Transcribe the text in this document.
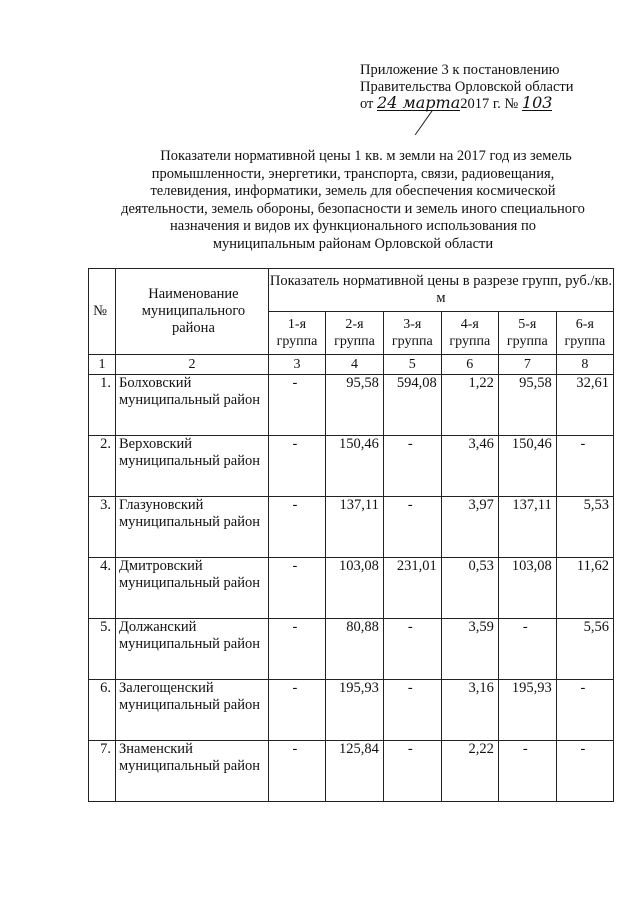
Приложение 3 к постановлению
Правительства Орловской области
от 24 марта2017 г. № 103
Показатели нормативной цены 1 кв. м земли на 2017 год из земель промышленности, энергетики, транспорта, связи, радиовещания, телевидения, информатики, земель для обеспечения космической деятельности, земель обороны, безопасности и земель иного специального назначения и видов их функционального использования по муниципальным районам Орловской области
№	Наименование муниципального района	Показатель нормативной цены в разрезе групп, руб./кв. м					
		1-я группа	2-я группа	3-я группа	4-я группа	5-я группа	6-я группа
1	2	3	4	5	6	7	8
1.	Болховский муниципальный район	-	95,58	594,08	1,22	95,58	32,61
2.	Верховский муниципальный район	-	150,46	-	3,46	150,46	-
3.	Глазуновский муниципальный район	-	137,11	-	3,97	137,11	5,53
4.	Дмитровский муниципальный район	-	103,08	231,01	0,53	103,08	11,62
5.	Должанский муниципальный район	-	80,88	-	3,59	-	5,56
6.	Залегощенский муниципальный район	-	195,93	-	3,16	195,93	-
7.	Знаменский муниципальный район	-	125,84	-	2,22	-	-
